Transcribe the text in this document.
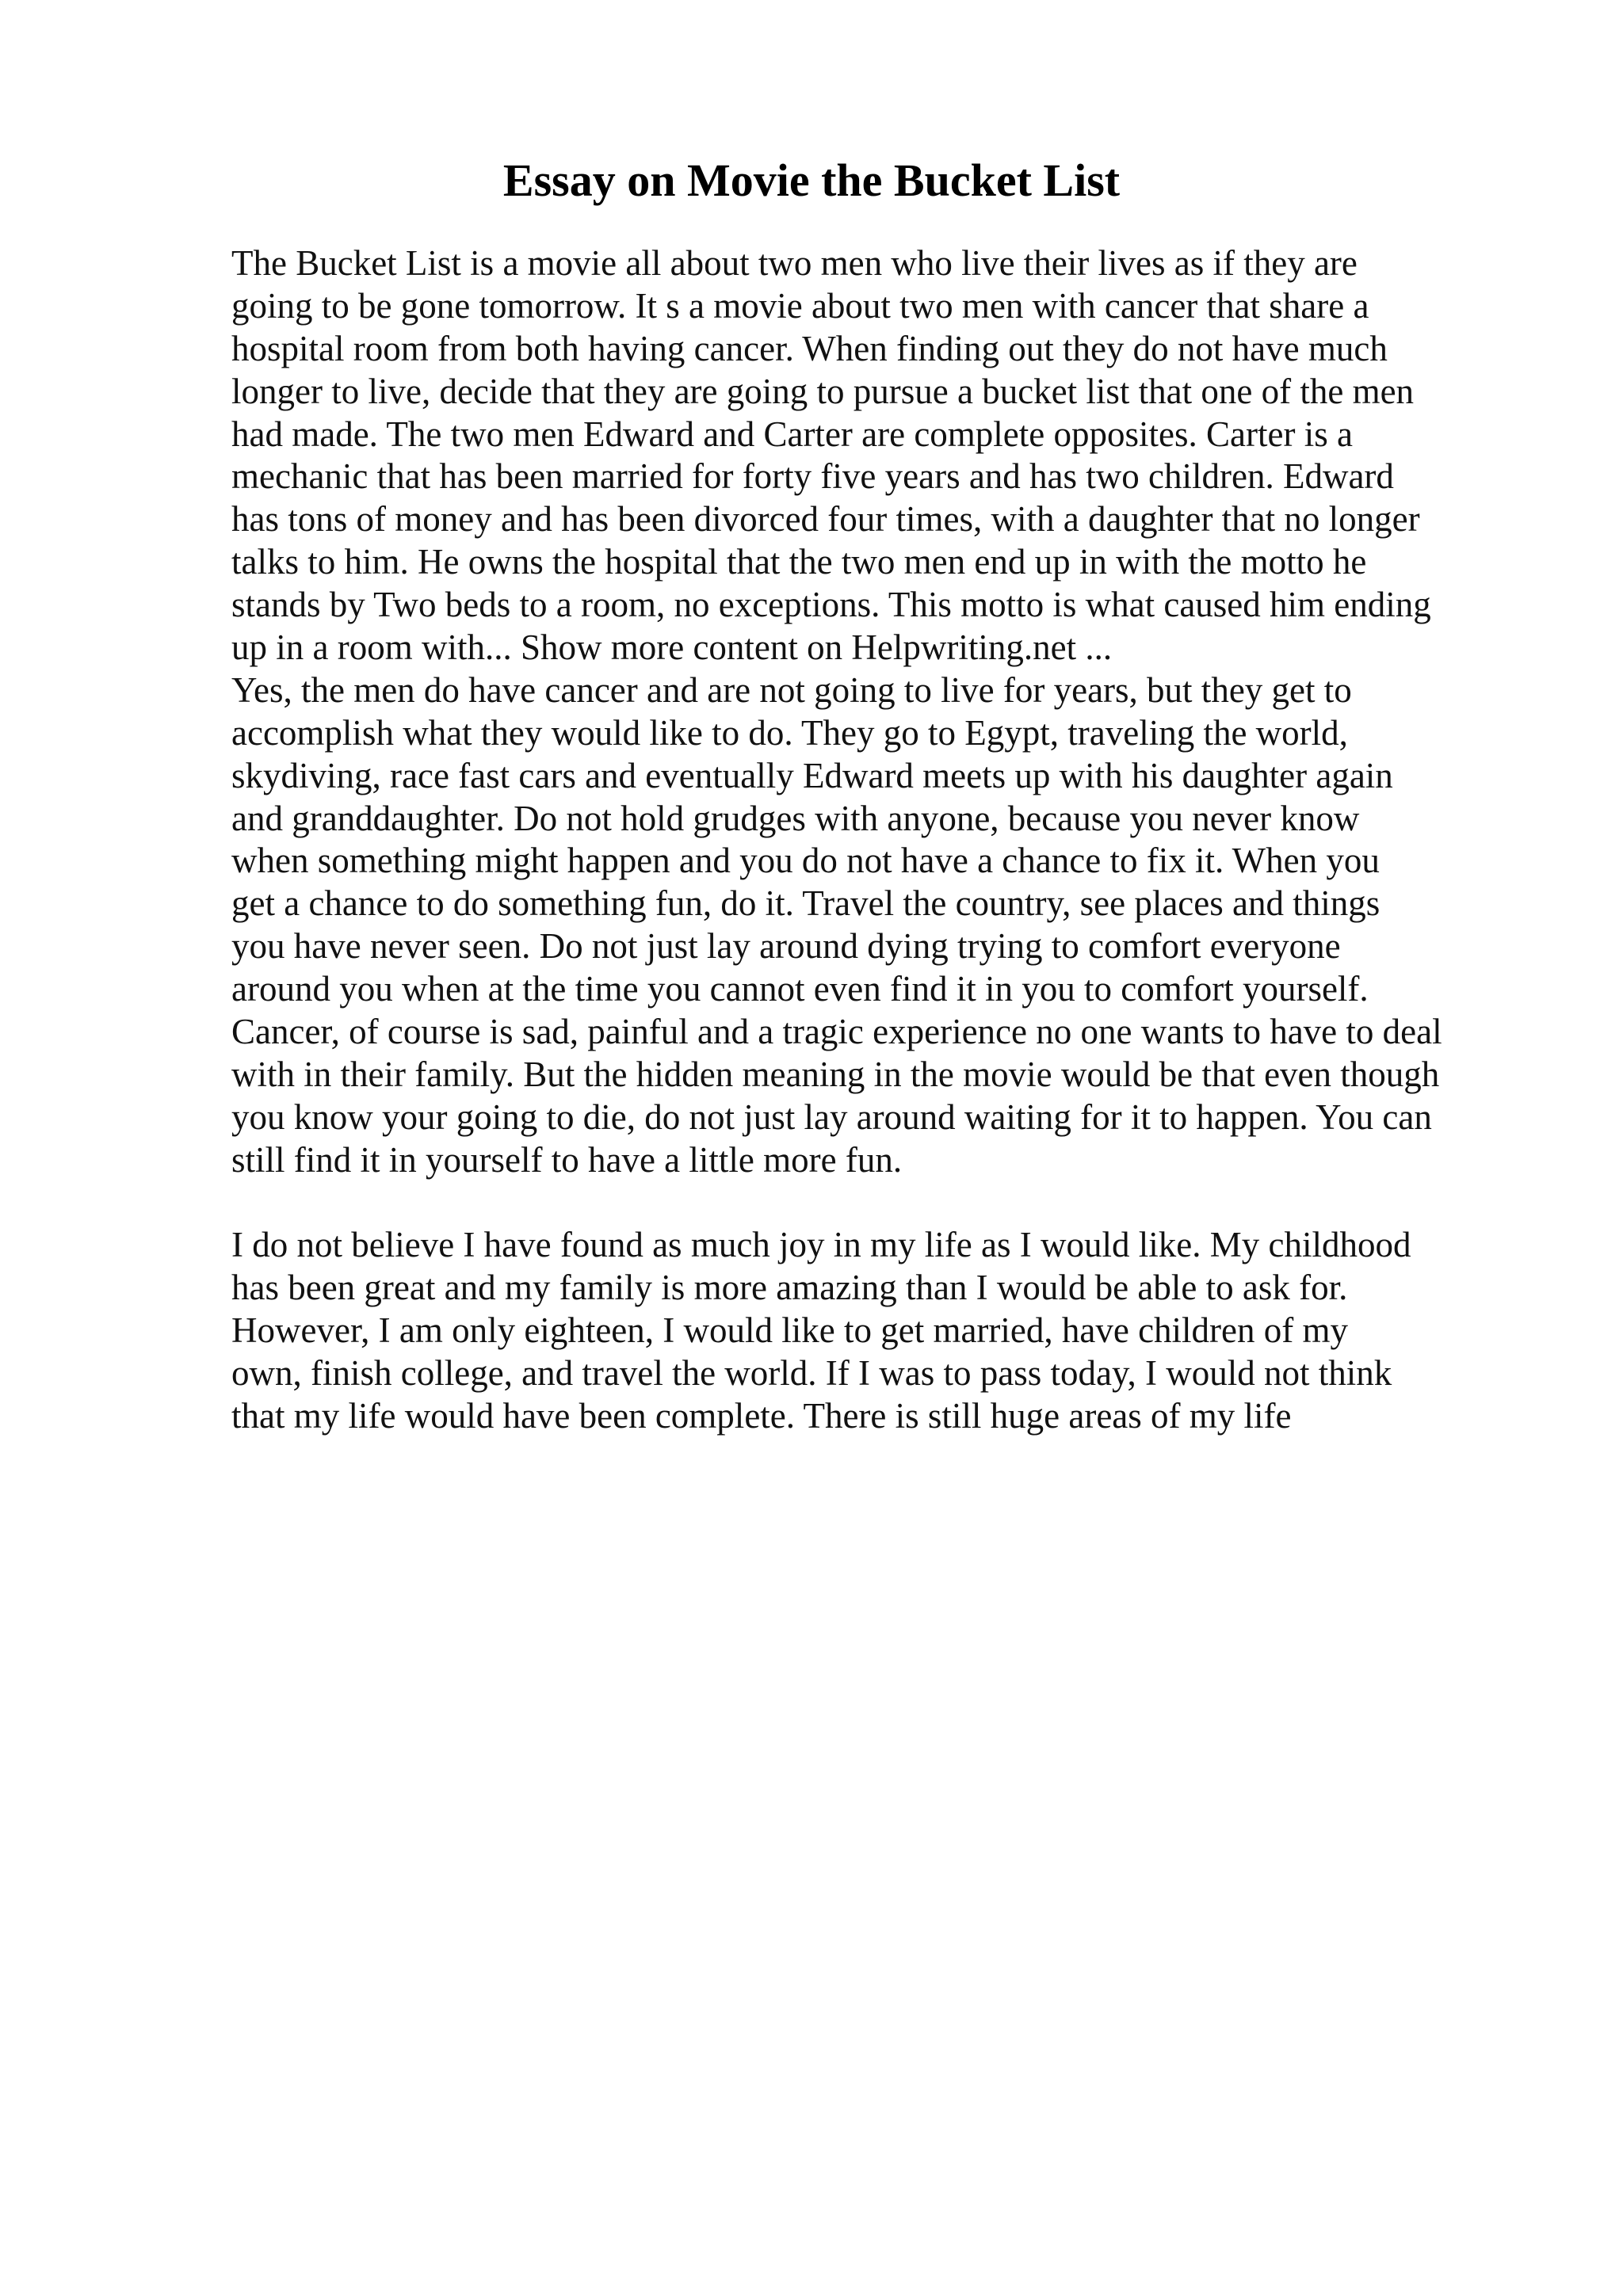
Essay on Movie the Bucket List
The Bucket List is a movie all about two men who live their lives as if they are
going to be gone tomorrow. It s a movie about two men with cancer that share a
hospital room from both having cancer. When finding out they do not have much
longer to live, decide that they are going to pursue a bucket list that one of the men
had made. The two men Edward and Carter are complete opposites. Carter is a
mechanic that has been married for forty five years and has two children. Edward
has tons of money and has been divorced four times, with a daughter that no longer
talks to him. He owns the hospital that the two men end up in with the motto he
stands by Two beds to a room, no exceptions. This motto is what caused him ending
up in a room with... Show more content on Helpwriting.net ...
Yes, the men do have cancer and are not going to live for years, but they get to
accomplish what they would like to do. They go to Egypt, traveling the world,
skydiving, race fast cars and eventually Edward meets up with his daughter again
and granddaughter. Do not hold grudges with anyone, because you never know
when something might happen and you do not have a chance to fix it. When you
get a chance to do something fun, do it. Travel the country, see places and things
you have never seen. Do not just lay around dying trying to comfort everyone
around you when at the time you cannot even find it in you to comfort yourself.
Cancer, of course is sad, painful and a tragic experience no one wants to have to deal
with in their family. But the hidden meaning in the movie would be that even though
you know your going to die, do not just lay around waiting for it to happen. You can
still find it in yourself to have a little more fun.
I do not believe I have found as much joy in my life as I would like. My childhood
has been great and my family is more amazing than I would be able to ask for.
However, I am only eighteen, I would like to get married, have children of my
own, finish college, and travel the world. If I was to pass today, I would not think
that my life would have been complete. There is still huge areas of my life
